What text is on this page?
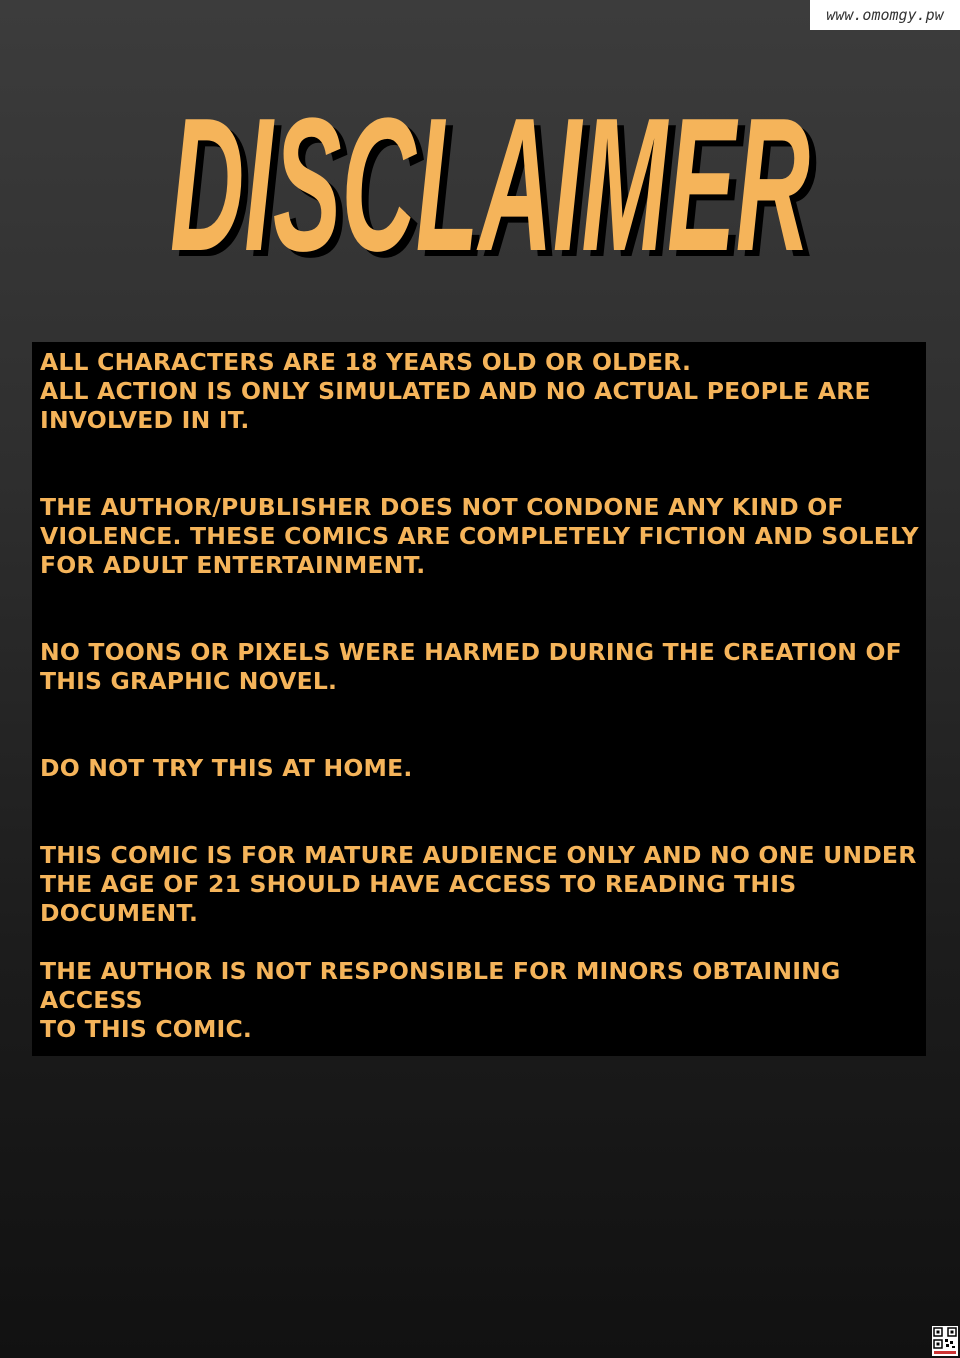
www.omomgy.pw
DISCLAIMER
DISCLAIMER

ALL CHARACTERS ARE 18 YEARS OLD OR OLDER.
ALL ACTION IS ONLY SIMULATED AND NO ACTUAL PEOPLE ARE
INVOLVED IN IT.

THE AUTHOR/PUBLISHER DOES NOT CONDONE ANY KIND OF
VIOLENCE. THESE COMICS ARE COMPLETELY FICTION AND SOLELY
FOR ADULT ENTERTAINMENT.

NO TOONS OR PIXELS WERE HARMED DURING THE CREATION OF
THIS GRAPHIC NOVEL.

DO NOT TRY THIS AT HOME.

THIS COMIC IS FOR MATURE AUDIENCE ONLY AND NO ONE UNDER
THE AGE OF 21 SHOULD HAVE ACCESS TO READING THIS DOCUMENT.

THE AUTHOR IS NOT RESPONSIBLE FOR MINORS OBTAINING ACCESS
TO THIS COMIC.
